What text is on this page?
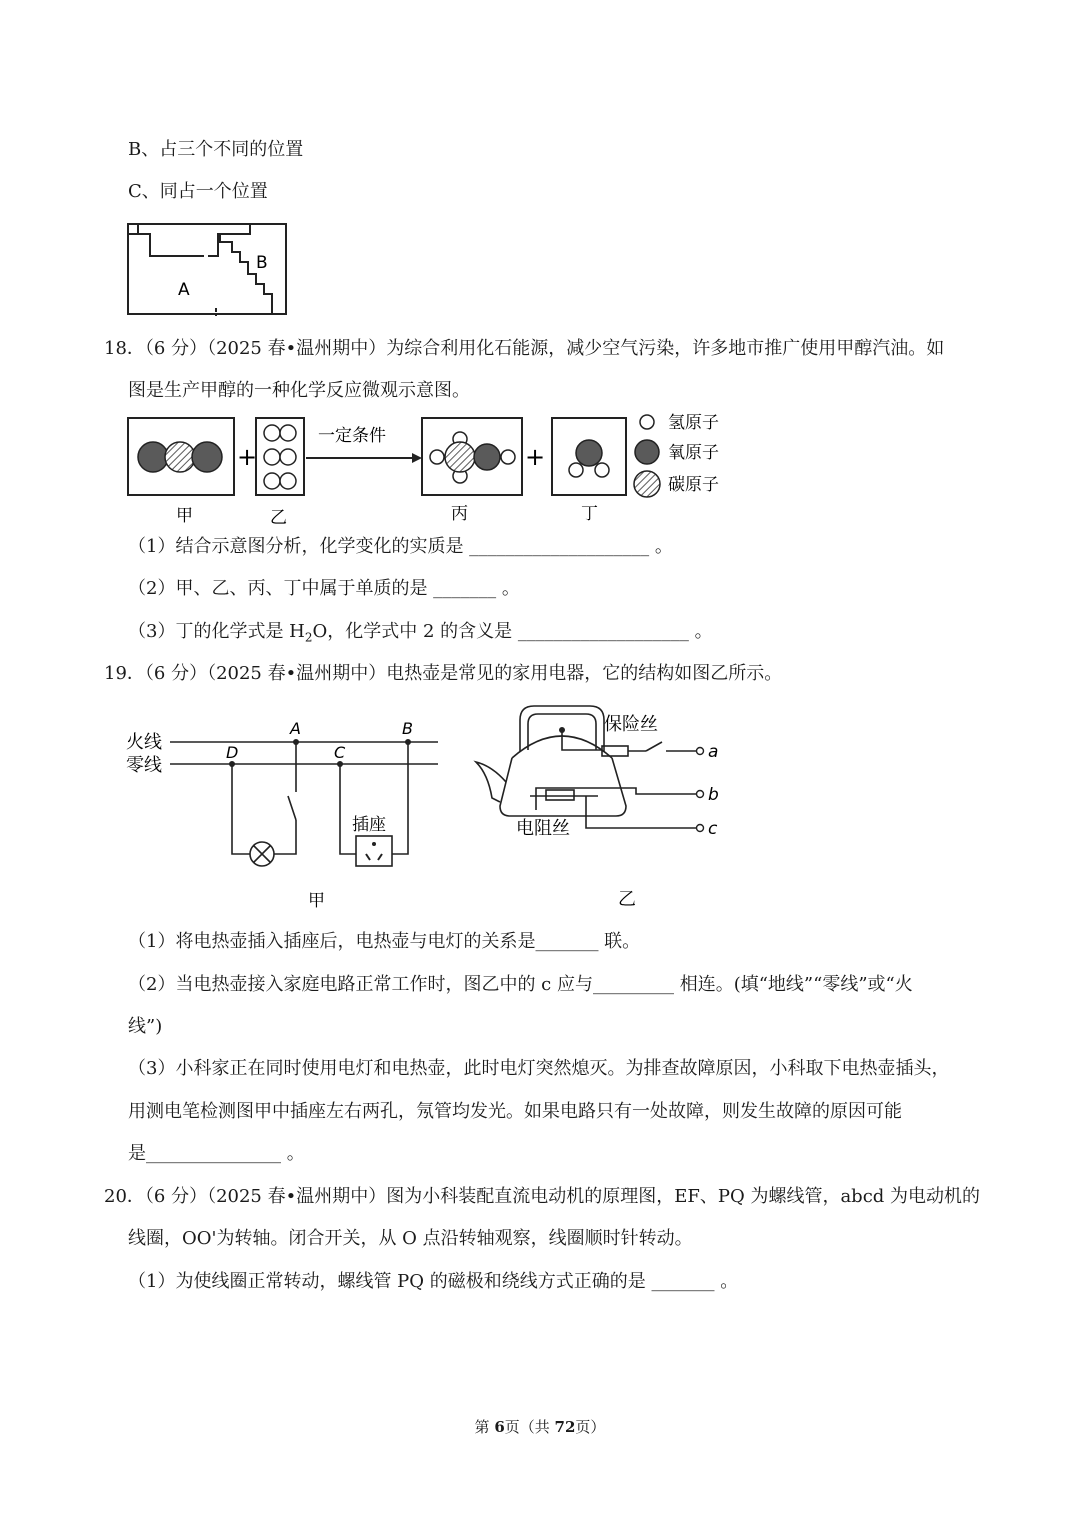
B、占三个不同的位置
C、同占一个位置
A
B
18．（6 分）（2025 春•温州期中）为综合利用化石能源，减少空气污染，许多地市推广使用甲醇汽油。如
图是生产甲醇的一种化学反应微观示意图。
+
一定条件
+
氢原子
氧原子
碳原子
甲	乙	丙	丁
（1）结合示意图分析，化学变化的实质是 ____________________ 。
（2）甲、乙、丙、丁中属于单质的是 _______ 。
（3）丁的化学式是 $H_2O$，化学式中 2 的含义是 ___________________ 。
19．（6 分）（2025 春•温州期中）电热壶是常见的家用电器，它的结构如图乙所示。
火线
零线
A	B
C
D
插座
甲
保险丝
电阻丝
a
b
c
乙
（1）将电热壶插入插座后，电热壶与电灯的关系是_______ 联。
（2）当电热壶接入家庭电路正常工作时，图乙中的 c 应与_________ 相连。(填“地线”“零线”或“火
线”)
（3）小科家正在同时使用电灯和电热壶，此时电灯突然熄灭。为排查故障原因，小科取下电热壶插头，
用测电笔检测图甲中插座左右两孔，氖管均发光。如果电路只有一处故障，则发生故障的原因可能
是_______________ 。
20．（6 分）（2025 春•温州期中）图为小科装配直流电动机的原理图，EF、PQ 为螺线管，abcd 为电动机的
线圈，OO'为转轴。闭合开关，从 O 点沿转轴观察，线圈顺时针转动。
（1）为使线圈正常转动，螺线管 PQ 的磁极和绕线方式正确的是 _______ 。
第 6页（共 72页）
